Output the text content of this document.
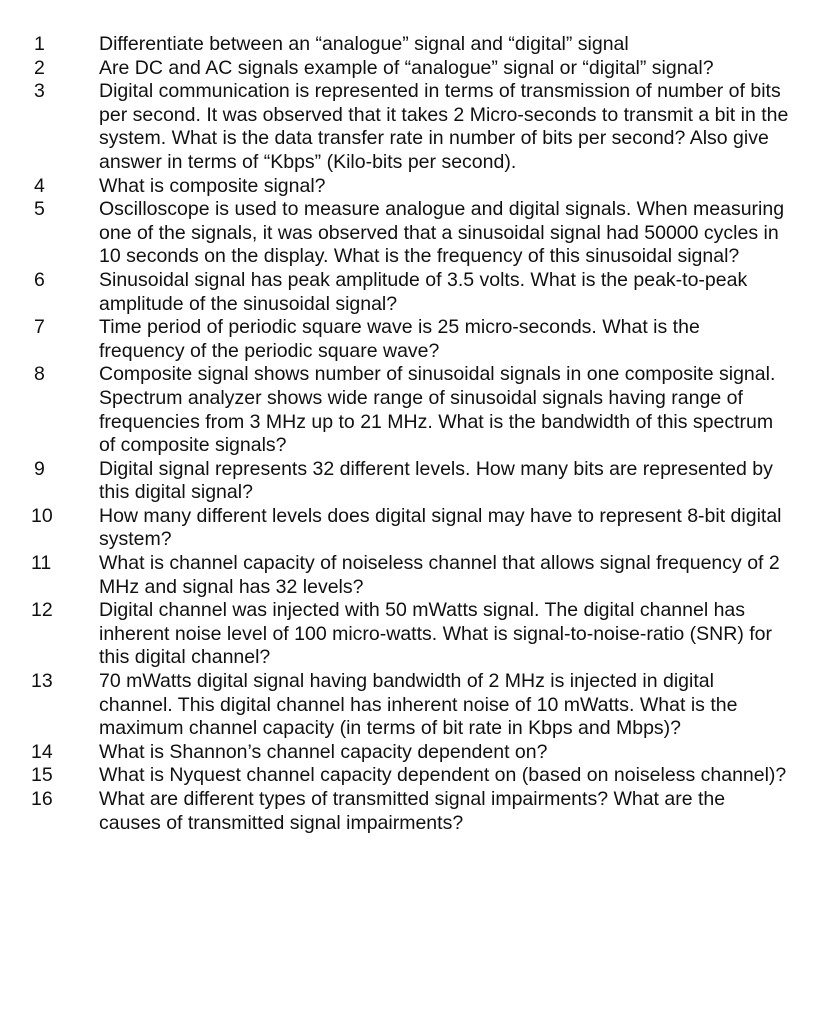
1	Differentiate between an “analogue” signal and “digital” signal
2	Are DC and AC signals example of “analogue” signal or “digital” signal?
3	Digital communication is represented in terms of transmission of number of bits per second. It was observed that it takes 2 Micro-seconds to transmit a bit in the system. What is the data transfer rate in number of bits per second? Also give answer in terms of “Kbps” (Kilo-bits per second).
4	What is composite signal?
5	Oscilloscope is used to measure analogue and digital signals. When measuring one of the signals, it was observed that a sinusoidal signal had 50000 cycles in 10 seconds on the display. What is the frequency of this sinusoidal signal?
6	Sinusoidal signal has peak amplitude of 3.5 volts. What is the peak-to-peak amplitude of the sinusoidal signal?
7	Time period of periodic square wave is 25 micro-seconds. What is the frequency of the periodic square wave?
8	Composite signal shows number of sinusoidal signals in one composite signal. Spectrum analyzer shows wide range of sinusoidal signals having range of frequencies from 3 MHz up to 21 MHz. What is the bandwidth of this spectrum of composite signals?
9	Digital signal represents 32 different levels. How many bits are represented by this digital signal?
10	How many different levels does digital signal may have to represent 8-bit digital system?
11	What is channel capacity of noiseless channel that allows signal frequency of 2 MHz and signal has 32 levels?
12	Digital channel was injected with 50 mWatts signal. The digital channel has inherent noise level of 100 micro-watts. What is signal-to-noise-ratio (SNR) for this digital channel?
13	70 mWatts digital signal having bandwidth of 2 MHz is injected in digital channel. This digital channel has inherent noise of 10 mWatts. What is the maximum channel capacity (in terms of bit rate in Kbps and Mbps)?
14	What is Shannon’s channel capacity dependent on?
15	What is Nyquest channel capacity dependent on (based on noiseless channel)?
16	What are different types of transmitted signal impairments? What are the causes of transmitted signal impairments?
